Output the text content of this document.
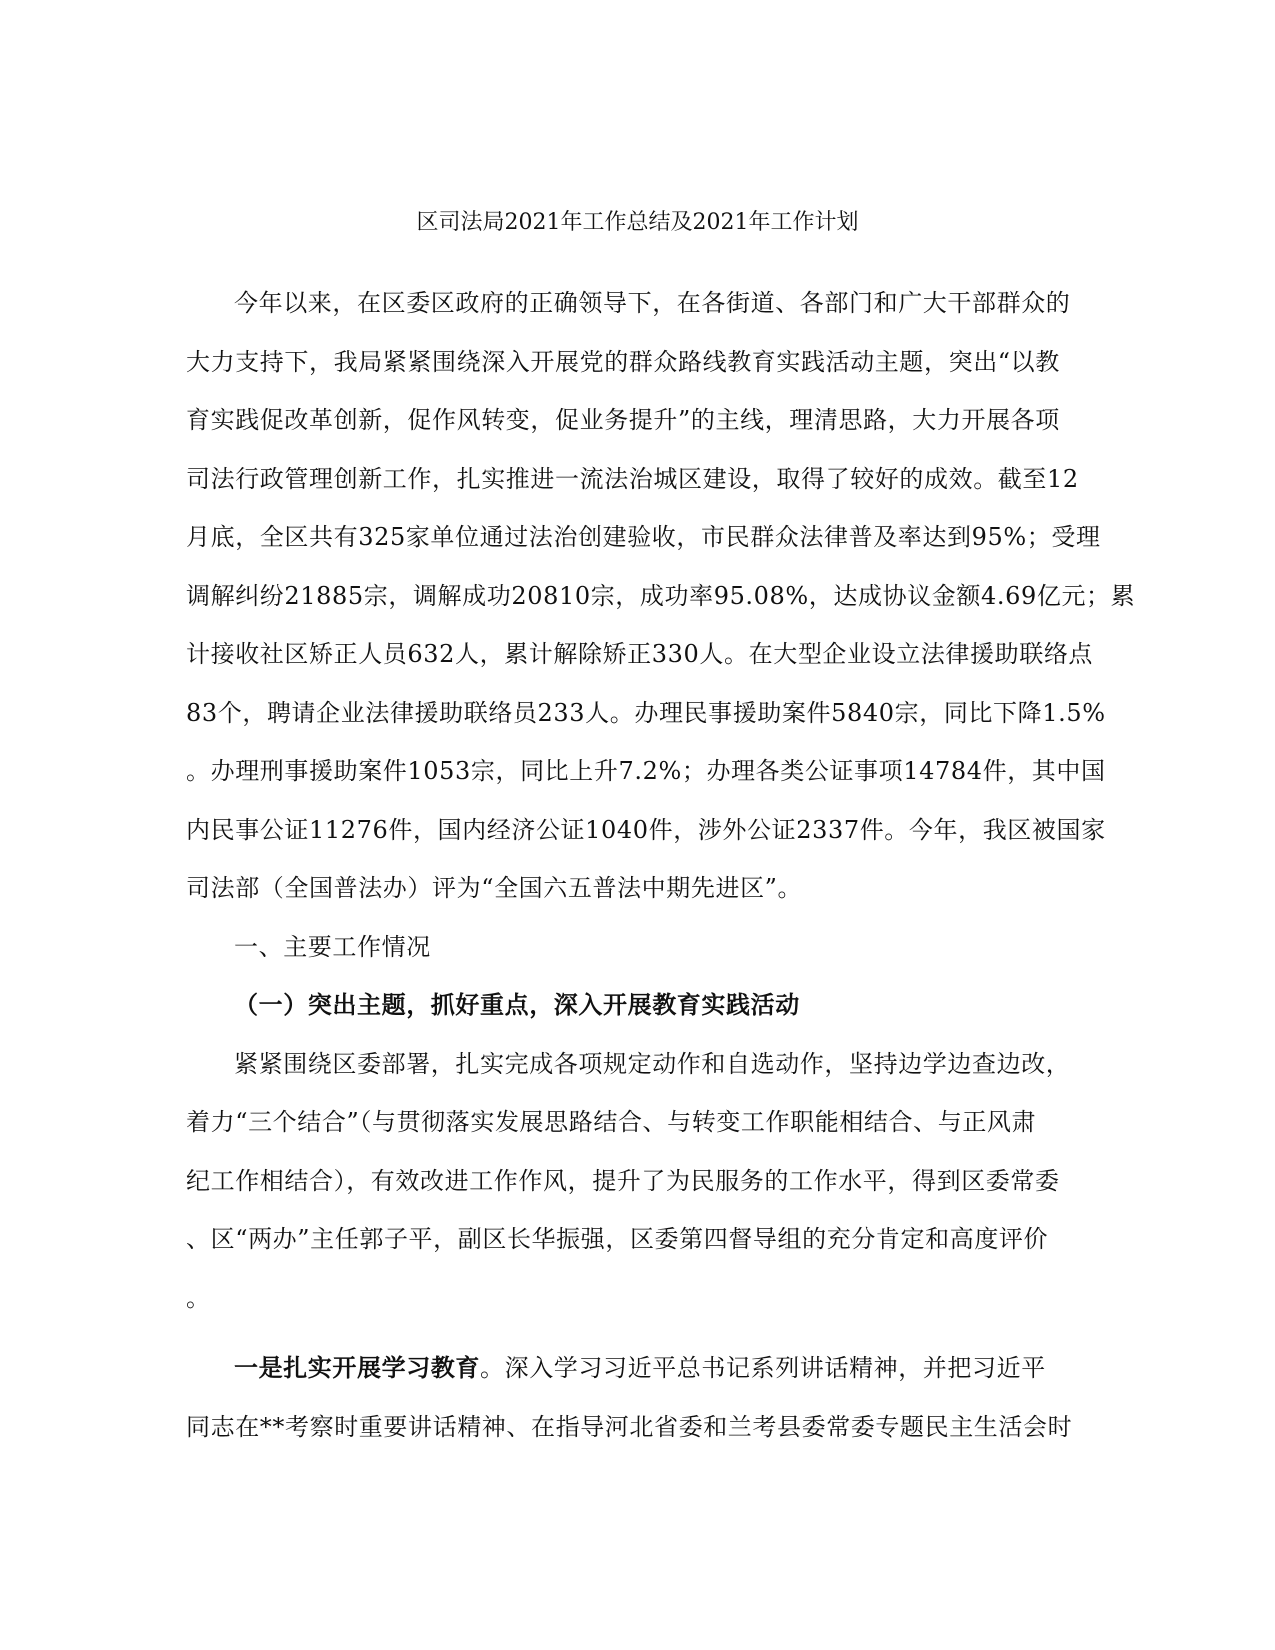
区司法局2021年工作总结及2021年工作计划
今年以来，在区委区政府的正确领导下，在各街道、各部门和广大干部群众的
大力支持下，我局紧紧围绕深入开展党的群众路线教育实践活动主题，突出“以教
育实践促改革创新，促作风转变，促业务提升”的主线，理清思路，大力开展各项
司法行政管理创新工作，扎实推进一流法治城区建设，取得了较好的成效。截至12
月底，全区共有325家单位通过法治创建验收，市民群众法律普及率达到95%；受理
调解纠纷21885宗，调解成功20810宗，成功率95.08%，达成协议金额4.69亿元；累
计接收社区矫正人员632人，累计解除矫正330人。在大型企业设立法律援助联络点
83个，聘请企业法律援助联络员233人。办理民事援助案件5840宗，同比下降1.5%
。办理刑事援助案件1053宗，同比上升7.2%；办理各类公证事项14784件，其中国
内民事公证11276件，国内经济公证1040件，涉外公证2337件。今年，我区被国家
司法部（全国普法办）评为“全国六五普法中期先进区”。
一、主要工作情况
（一）突出主题，抓好重点，深入开展教育实践活动
紧紧围绕区委部署，扎实完成各项规定动作和自选动作，坚持边学边查边改，
着力“三个结合”（与贯彻落实发展思路结合、与转变工作职能相结合、与正风肃
纪工作相结合），有效改进工作作风，提升了为民服务的工作水平，得到区委常委
、区“两办”主任郭子平，副区长华振强，区委第四督导组的充分肯定和高度评价
。
一是扎实开展学习教育。深入学习习近平总书记系列讲话精神，并把习近平
同志在**考察时重要讲话精神、在指导河北省委和兰考县委常委专题民主生活会时
